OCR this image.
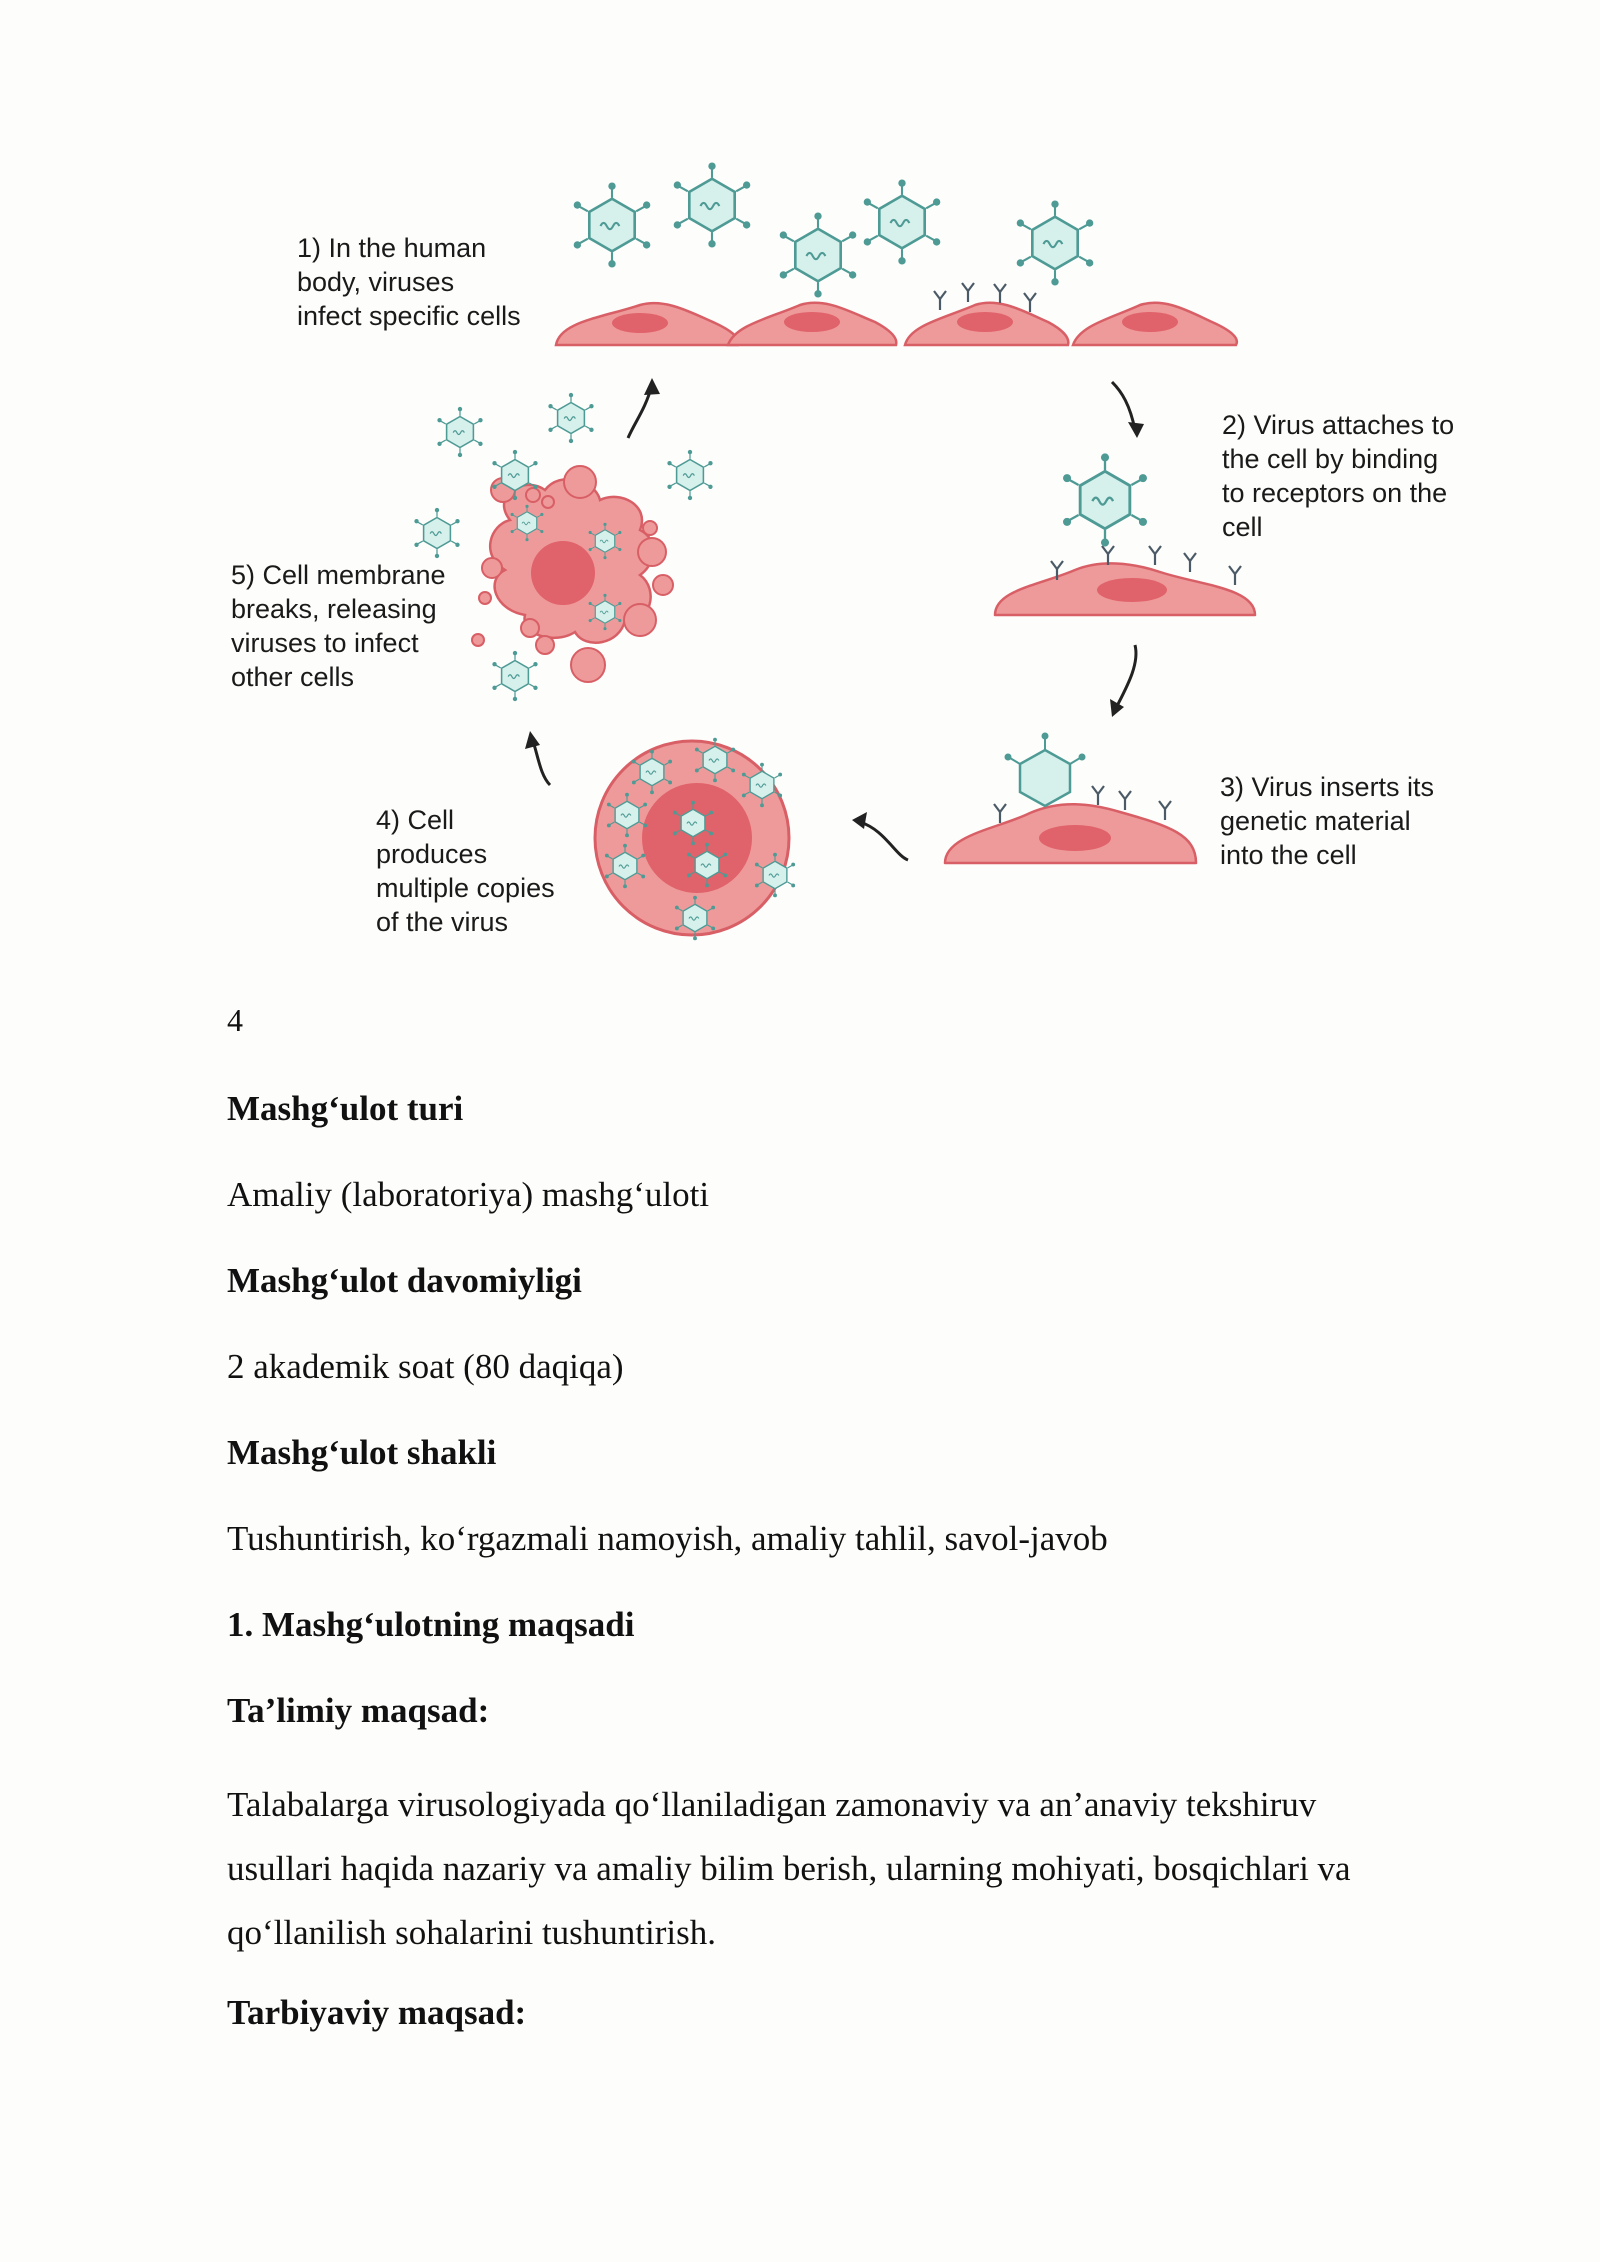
1) In the human
body, viruses
infect specific cells

2) Virus attaches to
the cell by binding
to receptors on the
cell

3) Virus inserts its
genetic material
into the cell

4) Cell
produces
multiple copies
of the virus

5) Cell membrane
breaks, releasing
viruses to infect
other cells

4

Mashg‘ulot turi

Amaliy (laboratoriya) mashg‘uloti

Mashg‘ulot davomiyligi

2 akademik soat (80 daqiqa)

Mashg‘ulot shakli

Tushuntirish, ko‘rgazmali namoyish, amaliy tahlil, savol-javob

1. Mashg‘ulotning maqsadi

Ta’limiy maqsad:

Talabalarga virusologiyada qo‘llaniladigan zamonaviy va an’anaviy tekshiruv usullari haqida nazariy va amaliy bilim berish, ularning mohiyati, bosqichlari va qo‘llanilish sohalarini tushuntirish.

Tarbiyaviy maqsad:
